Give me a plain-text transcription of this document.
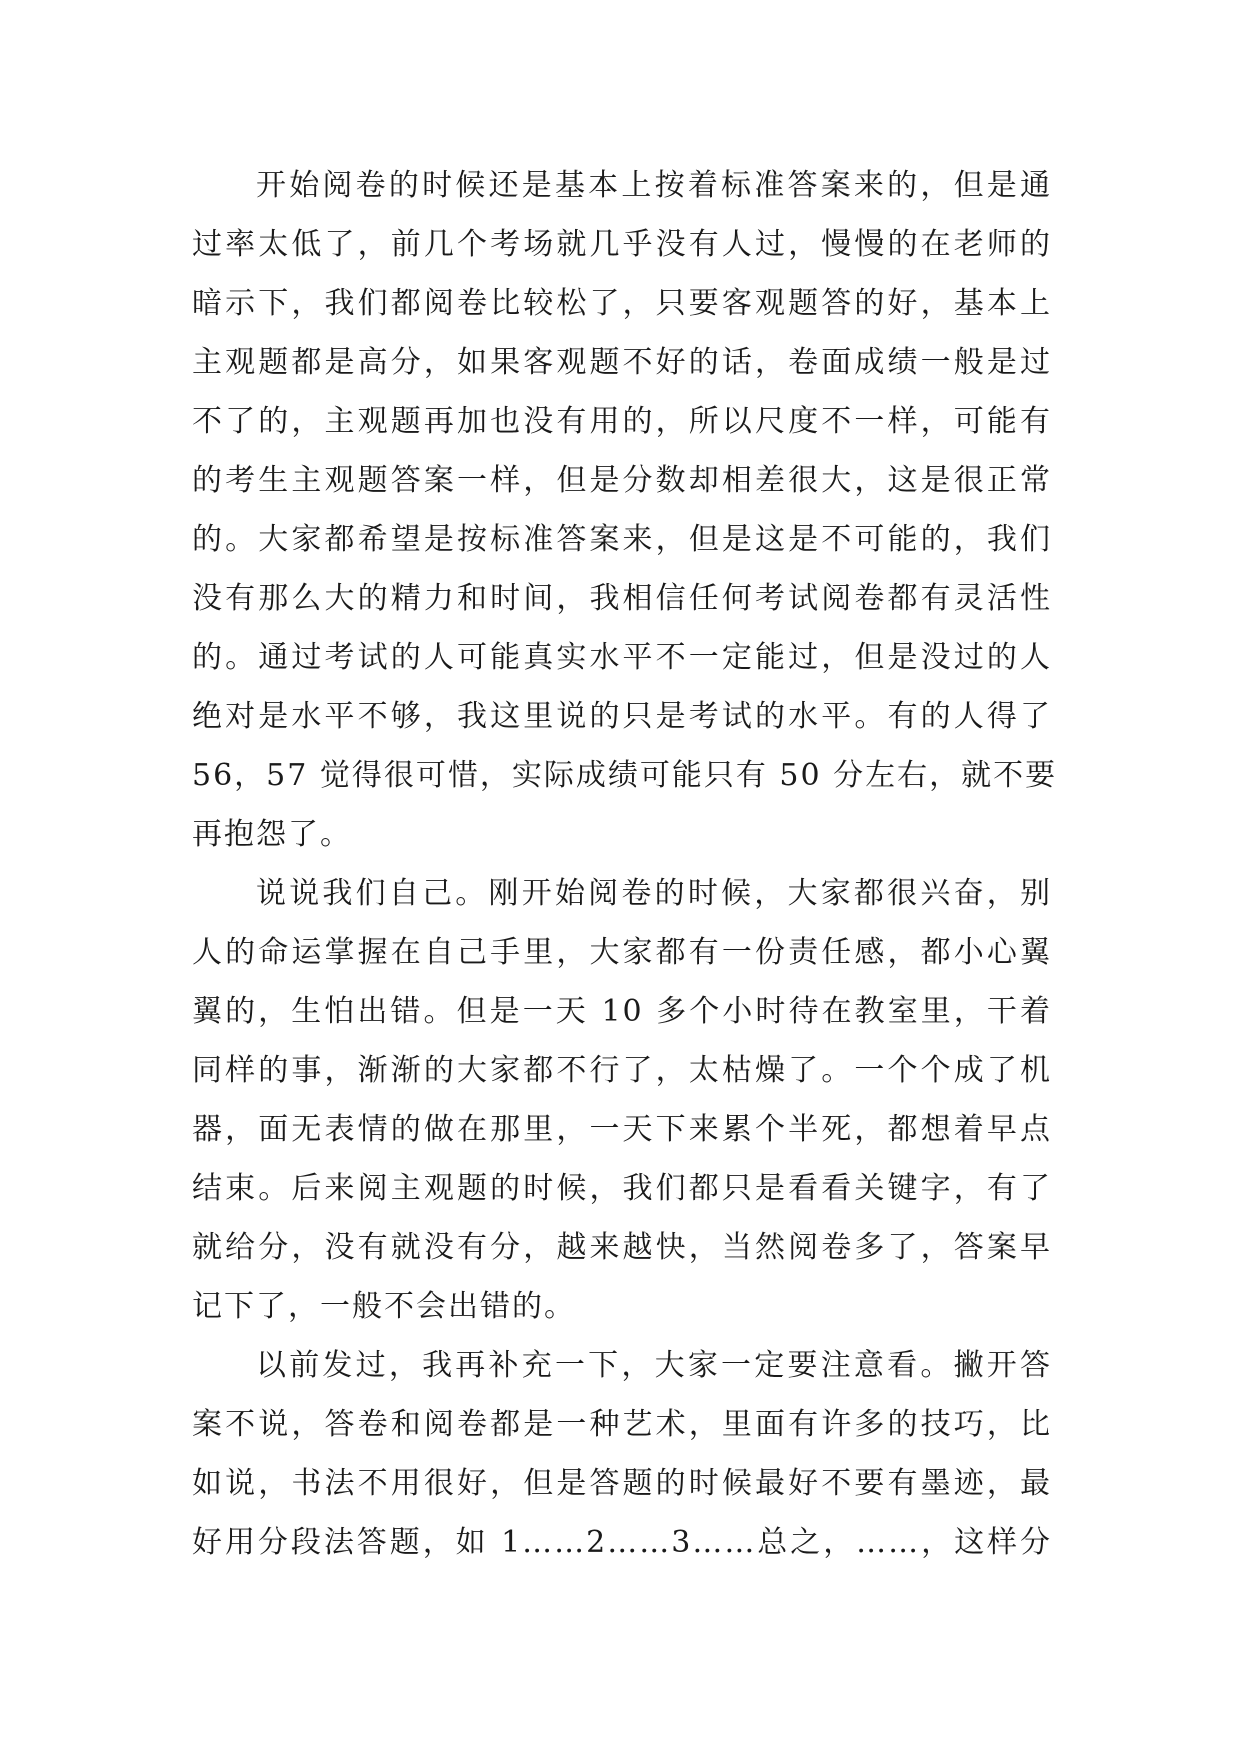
开始阅卷的时候还是基本上按着标准答案来的，但是通
过率太低了，前几个考场就几乎没有人过，慢慢的在老师的
暗示下，我们都阅卷比较松了，只要客观题答的好，基本上
主观题都是高分，如果客观题不好的话，卷面成绩一般是过
不了的，主观题再加也没有用的，所以尺度不一样，可能有
的考生主观题答案一样，但是分数却相差很大，这是很正常
的。大家都希望是按标准答案来，但是这是不可能的，我们
没有那么大的精力和时间，我相信任何考试阅卷都有灵活性
的。通过考试的人可能真实水平不一定能过，但是没过的人
绝对是水平不够，我这里说的只是考试的水平。有的人得了
56，57 觉得很可惜，实际成绩可能只有 50 分左右，就不要
再抱怨了。
说说我们自己。刚开始阅卷的时候，大家都很兴奋，别
人的命运掌握在自己手里，大家都有一份责任感，都小心翼
翼的，生怕出错。但是一天 10 多个小时待在教室里，干着
同样的事，渐渐的大家都不行了，太枯燥了。一个个成了机
器，面无表情的做在那里，一天下来累个半死，都想着早点
结束。后来阅主观题的时候，我们都只是看看关键字，有了
就给分，没有就没有分，越来越快，当然阅卷多了，答案早
记下了，一般不会出错的。
以前发过，我再补充一下，大家一定要注意看。撇开答
案不说，答卷和阅卷都是一种艺术，里面有许多的技巧，比
如说，书法不用很好，但是答题的时候最好不要有墨迹，最
好用分段法答题，如 1……2……3……总之，……，这样分
